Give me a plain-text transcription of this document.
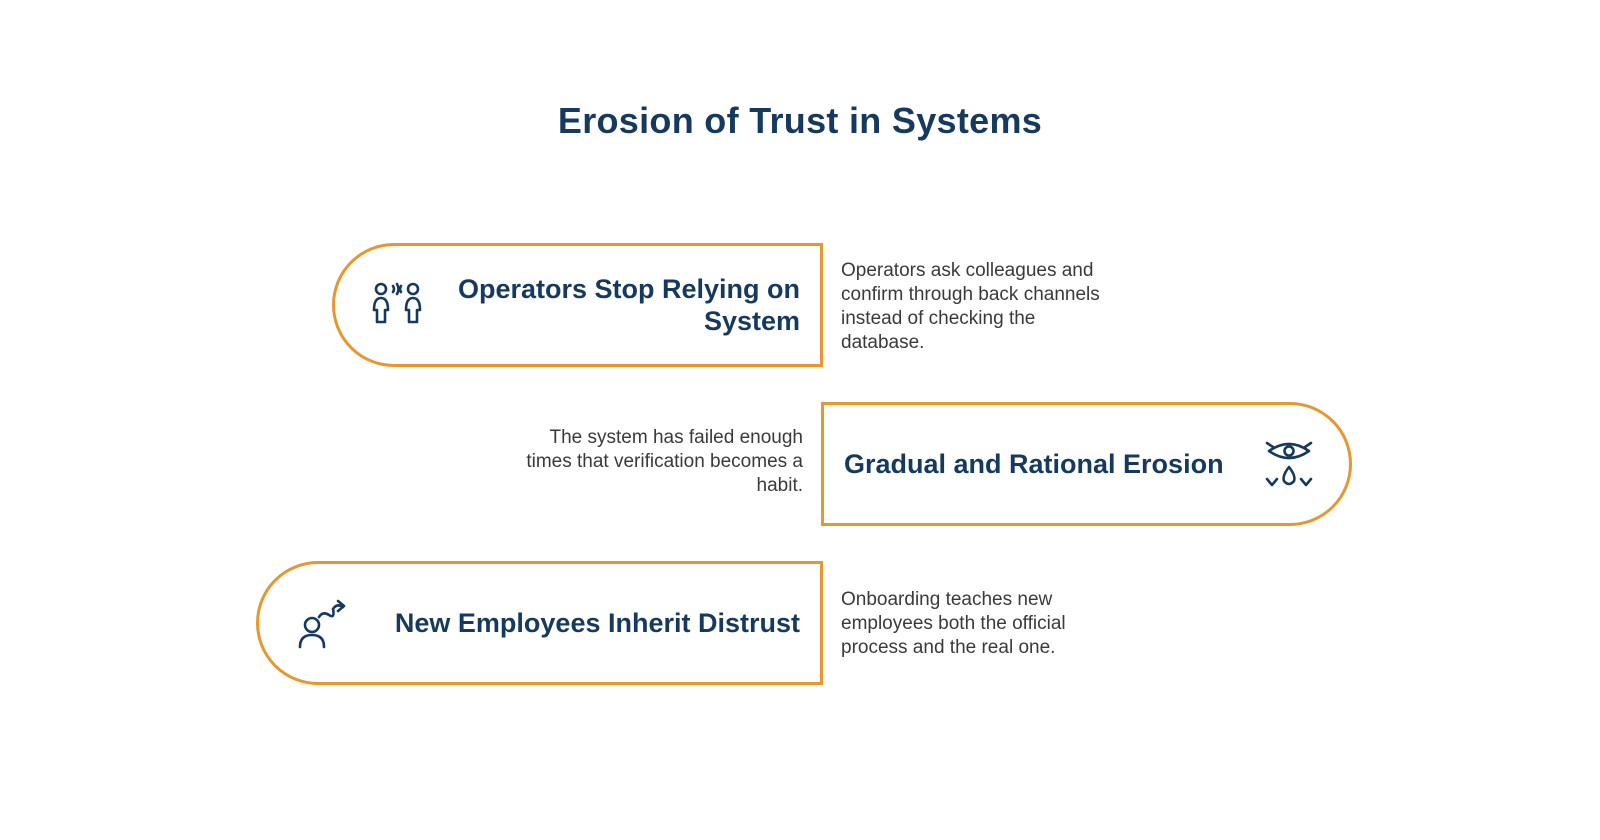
Erosion of Trust in Systems
Operators Stop Relying on System
Operators ask colleagues and confirm through back channels instead of checking the database.
Gradual and Rational Erosion
The system has failed enough times that verification becomes a habit.
New Employees Inherit Distrust
Onboarding teaches new employees both the official process and the real one.
